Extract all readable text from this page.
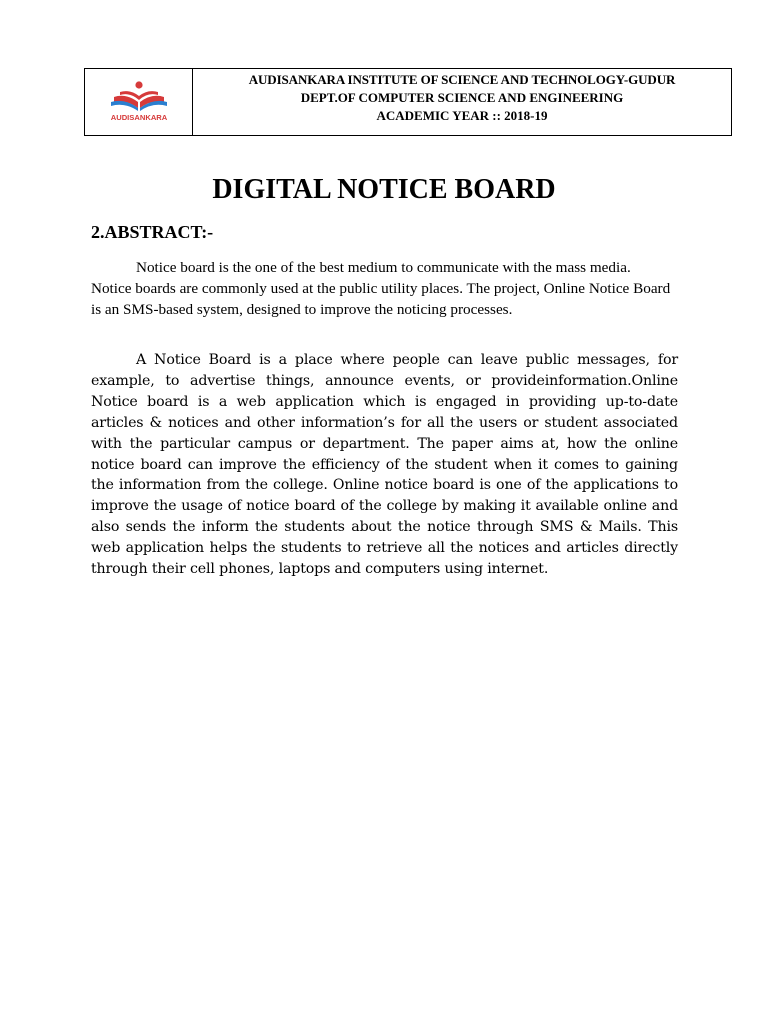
AUDISANKARA
AUDISANKARA INSTITUTE OF SCIENCE AND TECHNOLOGY-GUDUR
DEPT.OF COMPUTER SCIENCE AND ENGINEERING
ACADEMIC YEAR :: 2018-19
DIGITAL NOTICE BOARD
2.ABSTRACT:-

Notice board is the one of the best medium to communicate with the mass media. Notice boards are commonly used at the public utility places. The project, Online Notice Board is an SMS-based system, designed to improve the noticing processes.

A Notice Board is a place where people can leave public messages, for example, to advertise things, announce events, or provideinformation.Online Notice board is a web application which is engaged in providing up-to-date articles & notices and other information’s for all the users or student associated with the particular campus or department. The paper aims at, how the online notice board can improve the efficiency of the student when it comes to gaining the information from the college. Online notice board is one of the applications to improve the usage of notice board of the college by making it available online and also sends the inform the students about the notice through SMS & Mails. This web application helps the students to retrieve all the notices and articles directly through their cell phones, laptops and computers using internet.
